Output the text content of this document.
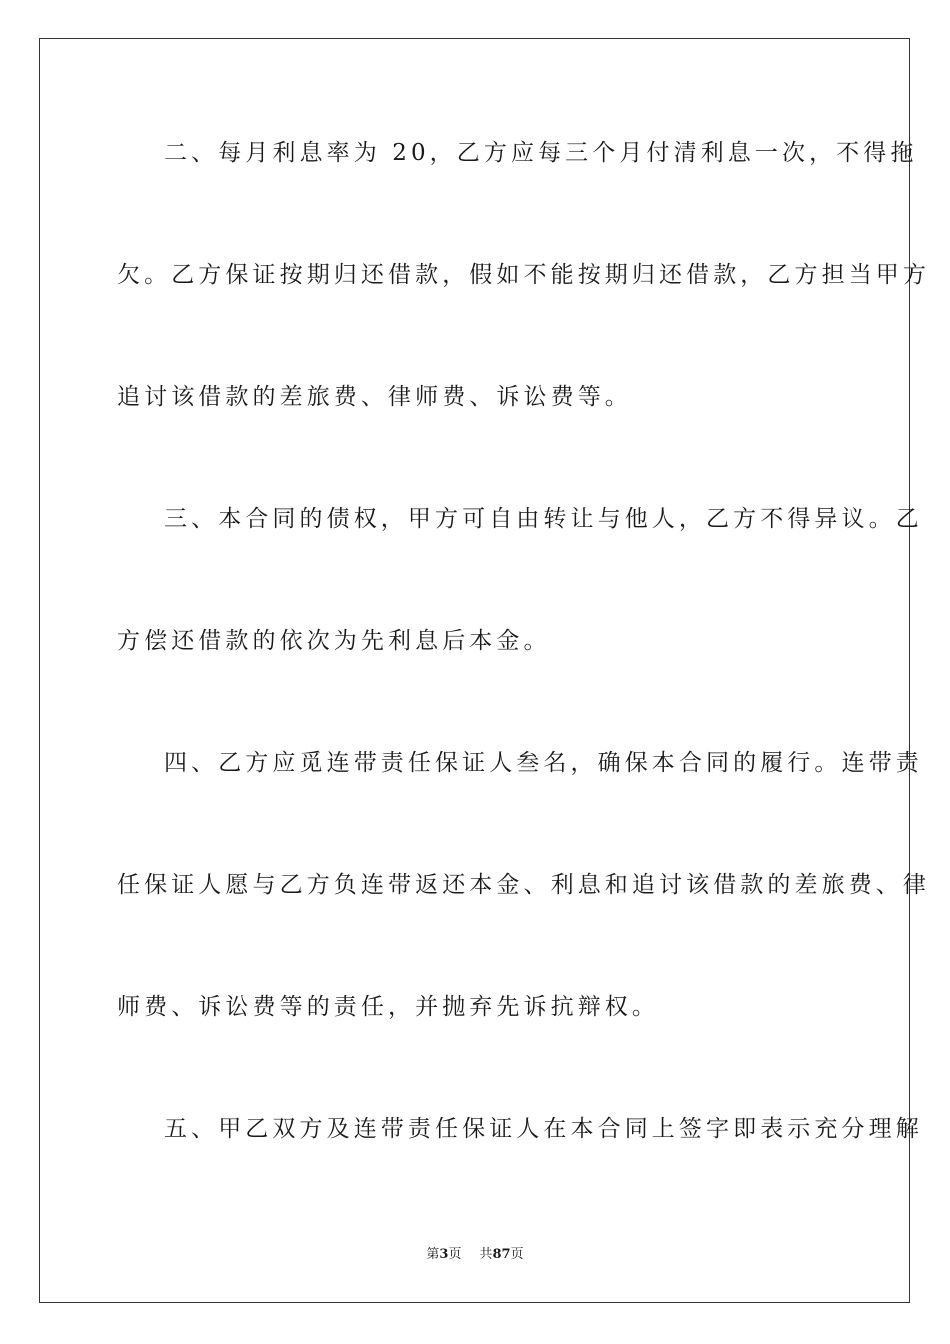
二、每月利息率为 20，乙方应每三个月付清利息一次，不得拖
欠。乙方保证按期归还借款，假如不能按期归还借款，乙方担当甲方
追讨该借款的差旅费、律师费、诉讼费等。
三、本合同的债权，甲方可自由转让与他人，乙方不得异议。乙
方偿还借款的依次为先利息后本金。
四、乙方应觅连带责任保证人叁名，确保本合同的履行。连带责
任保证人愿与乙方负连带返还本金、利息和追讨该借款的差旅费、律
师费、诉讼费等的责任，并抛弃先诉抗辩权。
五、甲乙双方及连带责任保证人在本合同上签字即表示充分理解
第3页 共87页
